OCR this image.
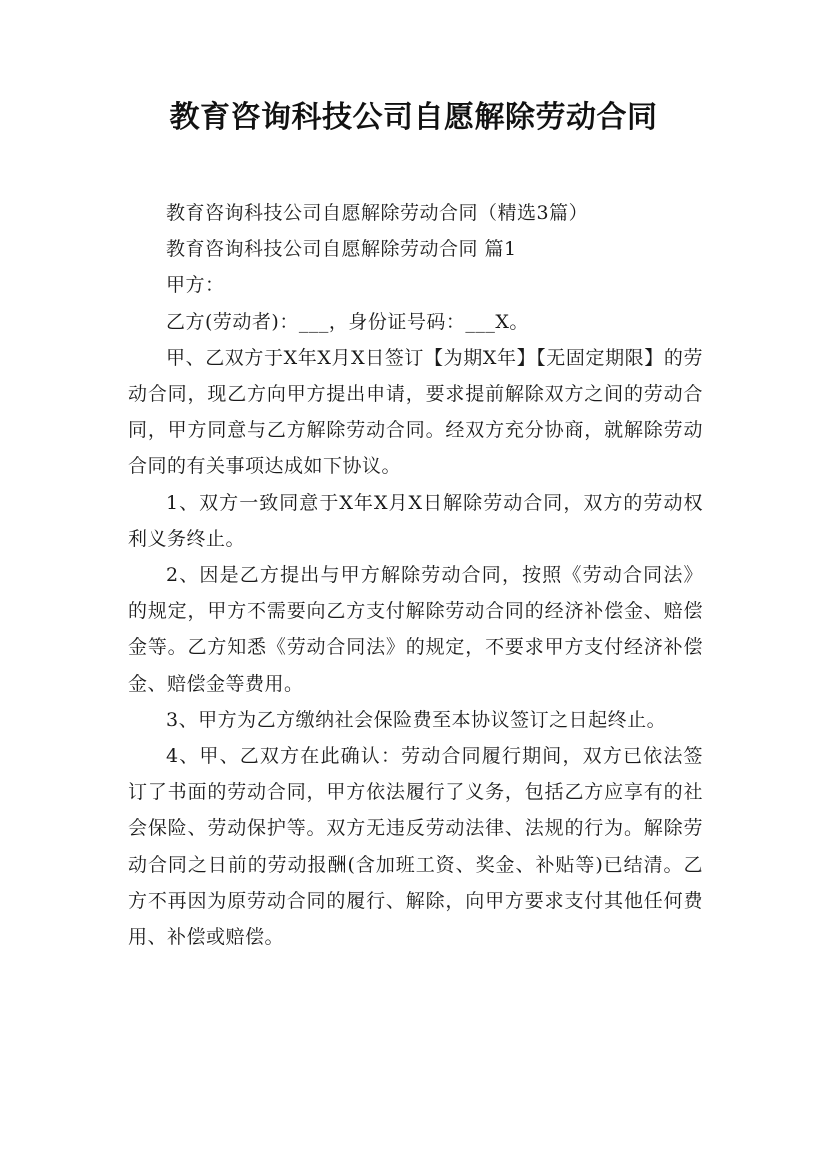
教育咨询科技公司自愿解除劳动合同

教育咨询科技公司自愿解除劳动合同（精选3篇）

教育咨询科技公司自愿解除劳动合同 篇1

甲方：

乙方(劳动者)：___，身份证号码：___X。

甲、乙双方于X年X月X日签订【为期X年】【无固定期限】的劳动合同，现乙方向甲方提出申请，要求提前解除双方之间的劳动合同，甲方同意与乙方解除劳动合同。经双方充分协商，就解除劳动合同的有关事项达成如下协议。

1、双方一致同意于X年X月X日解除劳动合同，双方的劳动权利义务终止。

2、因是乙方提出与甲方解除劳动合同，按照《劳动合同法》的规定，甲方不需要向乙方支付解除劳动合同的经济补偿金、赔偿金等。乙方知悉《劳动合同法》的规定，不要求甲方支付经济补偿金、赔偿金等费用。

3、甲方为乙方缴纳社会保险费至本协议签订之日起终止。

4、甲、乙双方在此确认：劳动合同履行期间，双方已依法签订了书面的劳动合同，甲方依法履行了义务，包括乙方应享有的社会保险、劳动保护等。双方无违反劳动法律、法规的行为。解除劳动合同之日前的劳动报酬(含加班工资、奖金、补贴等)已结清。乙方不再因为原劳动合同的履行、解除，向甲方要求支付其他任何费用、补偿或赔偿。
